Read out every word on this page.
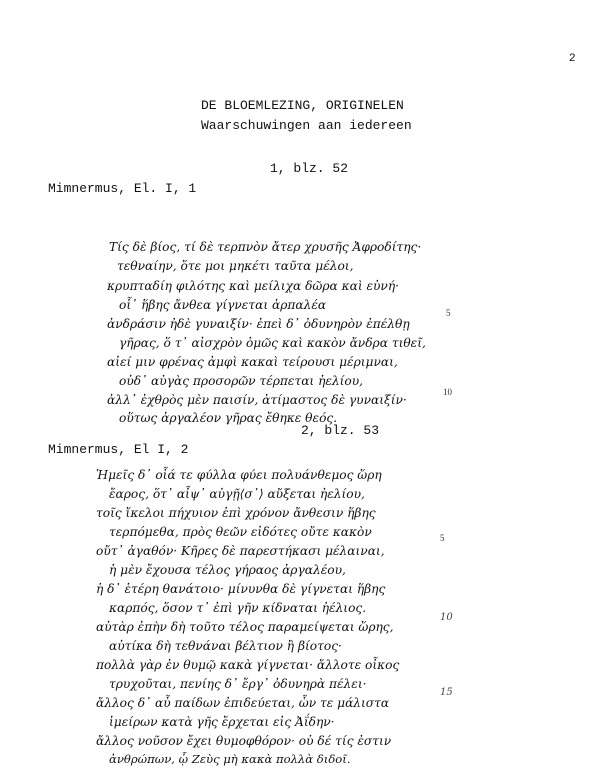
2
DE BLOEMLEZING, ORIGINELEN
Waarschuwingen aan iedereen
1, blz. 52
Mimnermus, El. I, 1
Τίς δὲ βίος, τί δὲ τερπνὸν ἄτερ χρυσῆς Ἀφροδίτης·
τεθναίην, ὅτε μοι μηκέτι ταῦτα μέλοι,
κρυπταδίη φιλότης καὶ μείλιχα δῶρα καὶ εὐνή·
οἷ᾽ ἥβης ἄνθεα γίγνεται ἁρπαλέα
ἀνδράσιν ἠδὲ γυναιξίν· ἐπεὶ δ᾽ ὀδυνηρὸν ἐπέλθῃ
γῆρας, ὅ τ᾽ αἰσχρὸν ὁμῶς καὶ κακὸν ἄνδρα τιθεῖ,
αἰεί μιν φρένας ἀμφὶ κακαὶ τείρουσι μέριμναι,
οὐδ᾽ αὐγὰς προσορῶν τέρπεται ἠελίου,
ἀλλ᾽ ἐχθρὸς μὲν παισίν, ἀτίμαστος δὲ γυναιξίν·
οὕτως ἀργαλέον γῆρας ἔθηκε θεός.
5
10
2, blz. 53
Mimnermus, El I, 2
Ἡμεῖς δ᾽ οἷά τε φύλλα φύει πολυάνθεμος ὥρη
ἔαρος, ὅτ᾽ αἶψ᾽ αὐγῇ⟨σ᾽⟩ αὔξεται ἠελίου,
τοῖς ἴκελοι πήχυιον ἐπὶ χρόνον ἄνθεσιν ἥβης
τερπόμεθα, πρὸς θεῶν εἰδότες οὔτε κακὸν
οὔτ᾽ ἀγαθόν· Κῆρες δὲ παρεστήκασι μέλαιναι,
ἡ μὲν ἔχουσα τέλος γήραος ἀργαλέου,
ἡ δ᾽ ἑτέρη θανάτοιο· μίνυνθα δὲ γίγνεται ἥβης
καρπός, ὅσον τ᾽ ἐπὶ γῆν κίδναται ἠέλιος.
αὐτὰρ ἐπὴν δὴ τοῦτο τέλος παραμείψεται ὥρης,
αὐτίκα δὴ τεθνάναι βέλτιον ἢ βίοτος·
πολλὰ γὰρ ἐν θυμῷ κακὰ γίγνεται· ἄλλοτε οἶκος
τρυχοῦται, πενίης δ᾽ ἔργ᾽ ὀδυνηρὰ πέλει·
ἄλλος δ᾽ αὖ παίδων ἐπιδεύεται, ὧν τε μάλιστα
ἱμείρων κατὰ γῆς ἔρχεται εἰς Ἀΐδην·
ἄλλος νοῦσον ἔχει θυμοφθόρον· οὐ δέ τίς ἐστιν
ἀνθρώπων, ᾧ Ζεὺς μὴ κακὰ πολλὰ διδοῖ.
5
10
15
